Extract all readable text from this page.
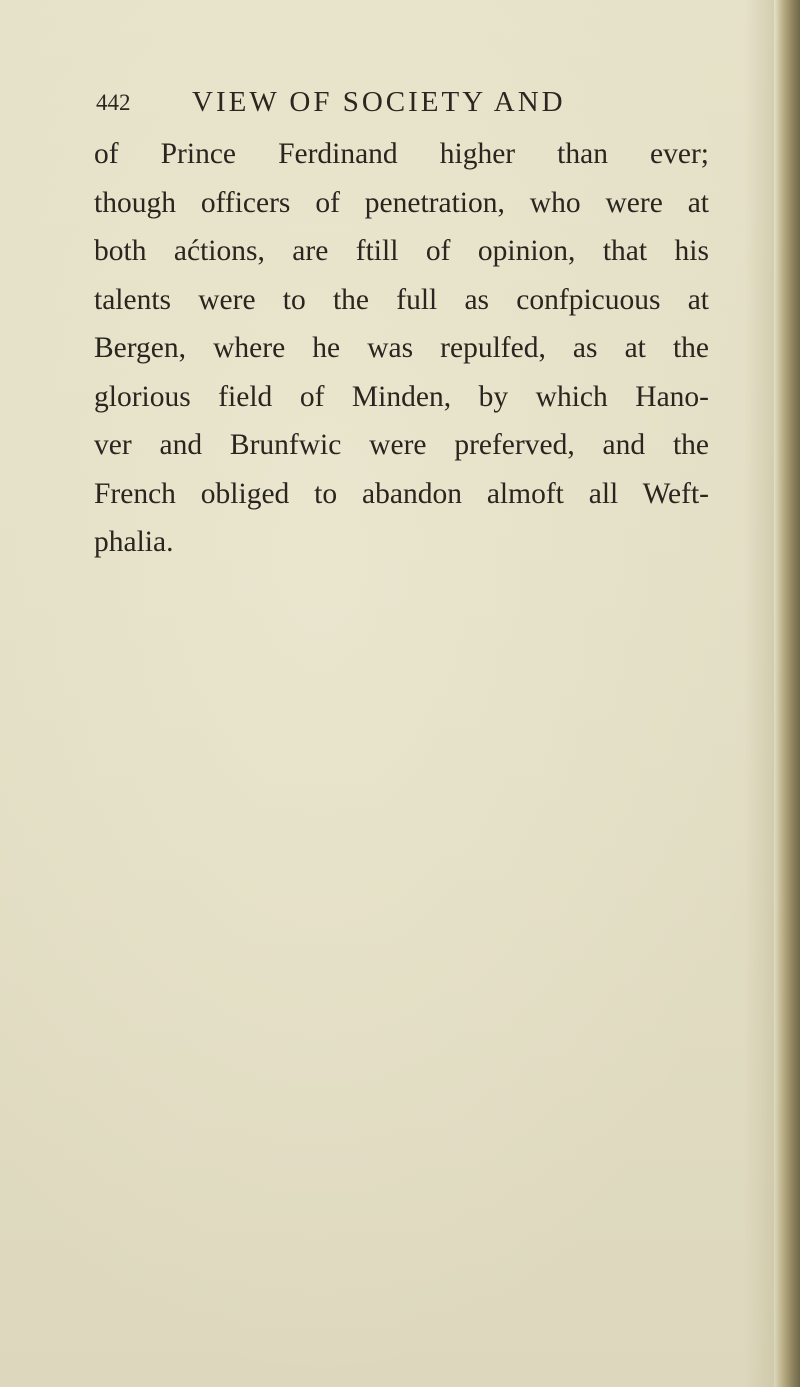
442 VIEW OF SOCIETY AND
of Prince Ferdinand higher than ever;
though officers of penetration, who were at
both aćtions, are ftill of opinion, that his
talents were to the full as confpicuous at
Bergen, where he was repulfed, as at the
glorious field of Minden, by which Hano-
ver and Brunfwic were preferved, and the
French obliged to abandon almoft all Weft-
phalia.
